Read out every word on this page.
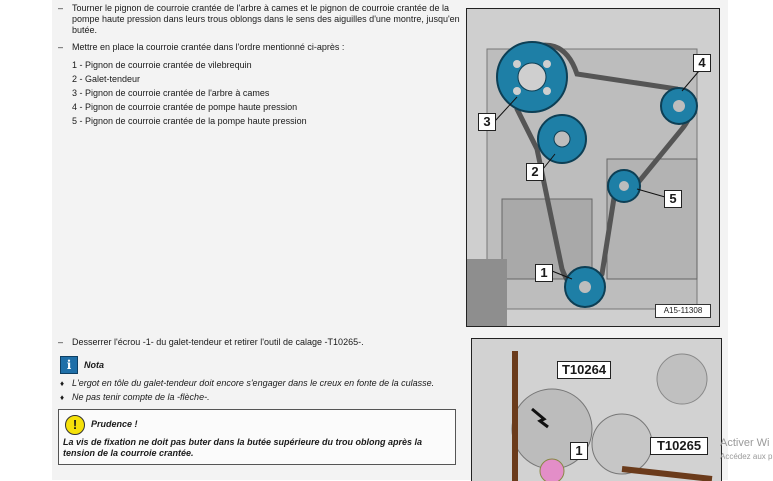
– Tourner le pignon de courroie crantée de l'arbre à cames et le pignon de courroie crantée de la pompe haute pression dans leurs trous oblongs dans le sens des aiguilles d'une montre, jusqu'en butée.
– Mettre en place la courroie crantée dans l'ordre mentionné ci-après :
1 - Pignon de courroie crantée de vilebrequin
2 - Galet-tendeur
3 - Pignon de courroie crantée de l'arbre à cames
4 - Pignon de courroie crantée de pompe haute pression
5 - Pignon de courroie crantée de la pompe haute pression
– Desserrer l'écrou -1- du galet-tendeur et retirer l'outil de calage -T10265-.
i	Nota
♦ L'ergot en tôle du galet-tendeur doit encore s'engager dans le creux en fonte de la culasse.
♦ Ne pas tenir compte de la -flèche-.
!	Prudence !
La vis de fixation ne doit pas buter dans la butée supérieure du trou oblong après la tension de la courroie crantée.
3
2
4
5
1
A15-11308
T10264
T10265
1	Activer Wi
Accédez aux p
